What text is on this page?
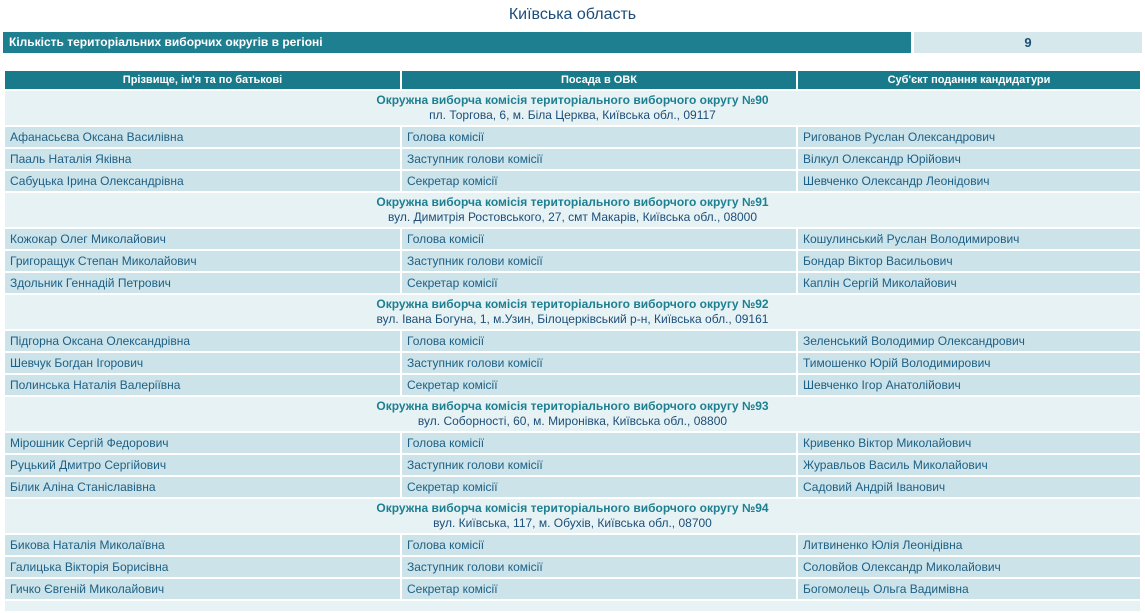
Київська область
Кількість територіальних виборчих округів в регіоні	9
Прізвище, ім'я та по батькові	Посада в ОВК	Суб'єкт подання кандидатури

Окружна виборча комісія територіального виборчого округу №90
пл. Торгова, 6, м. Біла Церква, Київська обл., 09117		

Афанасьєва Оксана Василівна	Голова комісії	Ригованов Руслан Олександрович
Пааль Наталія Яківна	Заступник голови комісії	Вілкул Олександр Юрійович
Сабуцька Ірина Олександрівна	Секретар комісії	Шевченко Олександр Леонідович

Окружна виборча комісія територіального виборчого округу №91
вул. Димитрія Ростовського, 27, смт Макарів, Київська обл., 08000		

Кожокар Олег Миколайович	Голова комісії	Кошулинський Руслан Володимирович
Григоращук Степан Миколайович	Заступник голови комісії	Бондар Віктор Васильович
Здольник Геннадій Петрович	Секретар комісії	Каплін Сергій Миколайович

Окружна виборча комісія територіального виборчого округу №92
вул. Івана Богуна, 1, м.Узин, Білоцерківський р-н, Київська обл., 09161		

Підгорна Оксана Олександрівна	Голова комісії	Зеленський Володимир Олександрович
Шевчук Богдан Ігорович	Заступник голови комісії	Тимошенко Юрій Володимирович
Полинська Наталія Валеріївна	Секретар комісії	Шевченко Ігор Анатолійович

Окружна виборча комісія територіального виборчого округу №93
вул. Соборності, 60, м. Миронівка, Київська обл., 08800		

Мірошник Сергій Федорович	Голова комісії	Кривенко Віктор Миколайович
Руцький Дмитро Сергійович	Заступник голови комісії	Журавльов Василь Миколайович
Білик Аліна Станіславівна	Секретар комісії	Садовий Андрій Іванович

Окружна виборча комісія територіального виборчого округу №94
вул. Київська, 117, м. Обухів, Київська обл., 08700		

Бикова Наталія Миколаївна	Голова комісії	Литвиненко Юлія Леонідівна
Галицька Вікторія Борисівна	Заступник голови комісії	Соловйов Олександр Миколайович
Гичко Євгеній Миколайович	Секретар комісії	Богомолець Ольга Вадимівна
